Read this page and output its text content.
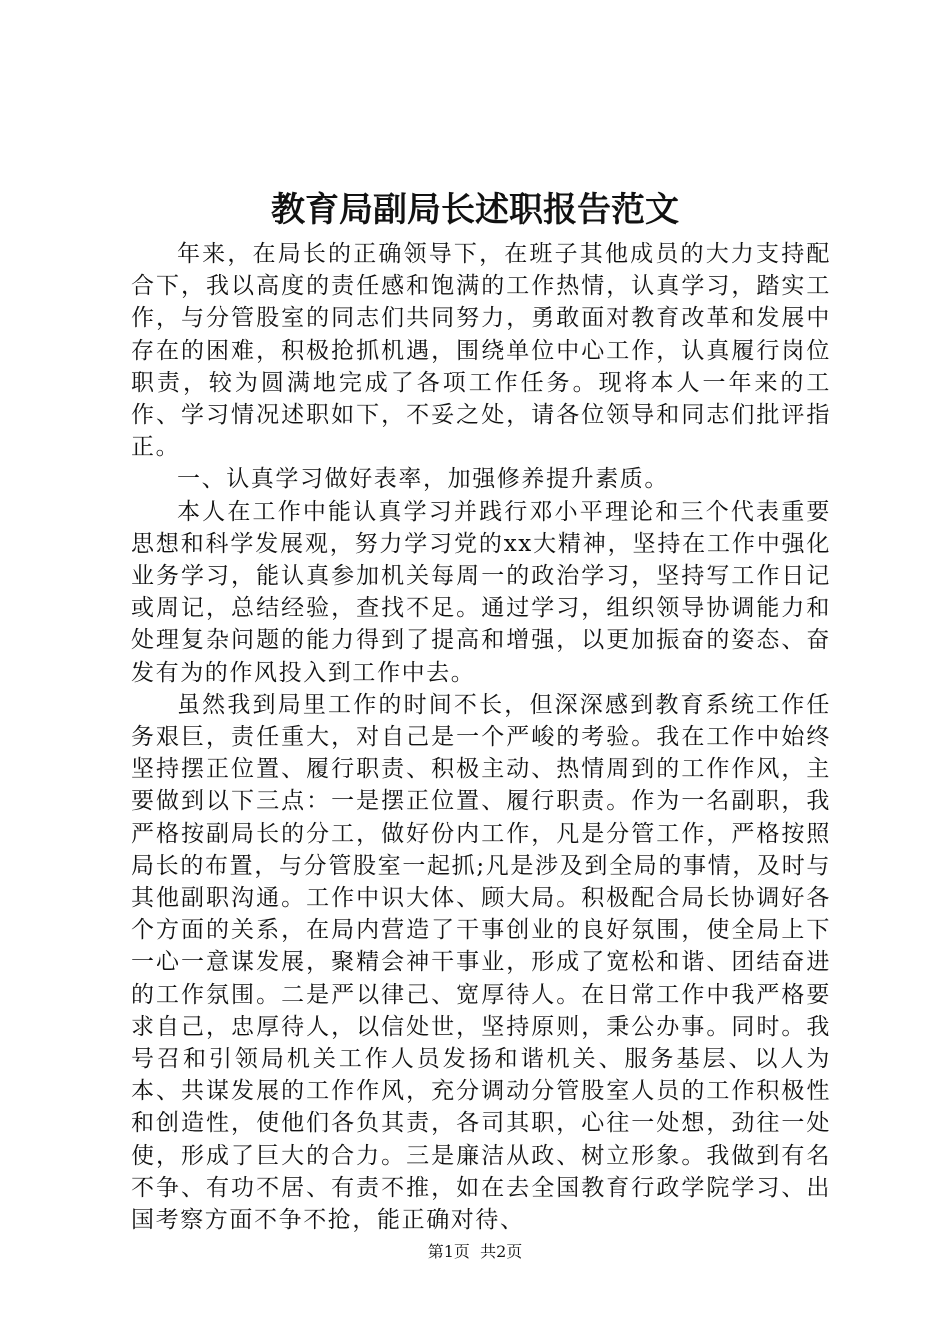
教育局副局长述职报告范文

年来，在局长的正确领导下，在班子其他成员的大力支持配合下，我以高度的责任感和饱满的工作热情，认真学习，踏实工作，与分管股室的同志们共同努力，勇敢面对教育改革和发展中存在的困难，积极抢抓机遇，围绕单位中心工作，认真履行岗位职责，较为圆满地完成了各项工作任务。现将本人一年来的工作、学习情况述职如下，不妥之处，请各位领导和同志们批评指正。

一、认真学习做好表率，加强修养提升素质。

本人在工作中能认真学习并践行邓小平理论和三个代表重要思想和科学发展观，努力学习党的xx大精神，坚持在工作中强化业务学习，能认真参加机关每周一的政治学习，坚持写工作日记或周记，总结经验，查找不足。通过学习，组织领导协调能力和处理复杂问题的能力得到了提高和增强，以更加振奋的姿态、奋发有为的作风投入到工作中去。

虽然我到局里工作的时间不长，但深深感到教育系统工作任务艰巨，责任重大，对自己是一个严峻的考验。我在工作中始终坚持摆正位置、履行职责、积极主动、热情周到的工作作风，主要做到以下三点：一是摆正位置、履行职责。作为一名副职，我严格按副局长的分工，做好份内工作，凡是分管工作，严格按照局长的布置，与分管股室一起抓;凡是涉及到全局的事情，及时与其他副职沟通。工作中识大体、顾大局。积极配合局长协调好各个方面的关系，在局内营造了干事创业的良好氛围，使全局上下一心一意谋发展，聚精会神干事业，形成了宽松和谐、团结奋进的工作氛围。二是严以律己、宽厚待人。在日常工作中我严格要求自己，忠厚待人，以信处世，坚持原则，秉公办事。同时。我号召和引领局机关工作人员发扬和谐机关、服务基层、以人为本、共谋发展的工作作风，充分调动分管股室人员的工作积极性和创造性，使他们各负其责，各司其职，心往一处想，劲往一处使，形成了巨大的合力。三是廉洁从政、树立形象。我做到有名不争、有功不居、有责不推，如在去全国教育行政学院学习、出国考察方面不争不抢，能正确对待、

第1页 共2页
